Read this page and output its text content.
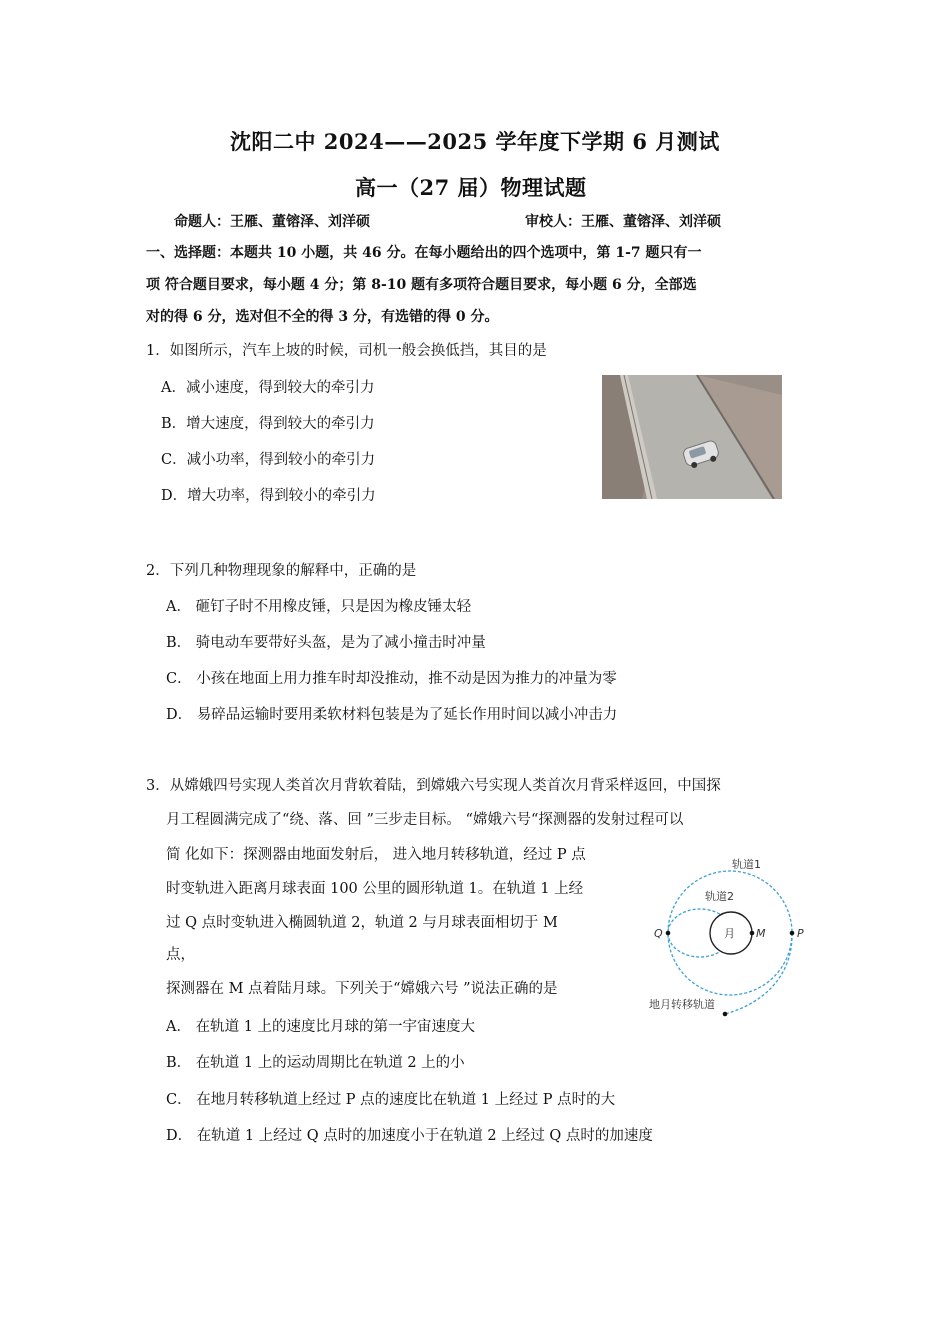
沈阳二中 2024——2025 学年度下学期 6 月测试
高一（27 届）物理试题
命题人：王雁、董镕泽、刘洋硕	审校人：王雁、董镕泽、刘洋硕
一、选择题：本题共 10 小题，共 46 分。在每小题给出的四个选项中，第 1-7 题只有一
项 符合题目要求，每小题 4 分；第 8-10 题有多项符合题目要求，每小题 6 分，全部选
对的得 6 分，选对但不全的得 3 分，有选错的得 0 分。
1．如图所示，汽车上坡的时候，司机一般会换低挡，其目的是
A．减小速度，得到较大的牵引力
B．增大速度，得到较大的牵引力
C．减小功率，得到较小的牵引力
D．增大功率，得到较小的牵引力
2．下列几种物理现象的解释中，正确的是
A． 砸钉子时不用橡皮锤，只是因为橡皮锤太轻
B． 骑电动车要带好头盔，是为了减小撞击时冲量
C． 小孩在地面上用力推车时却没推动，推不动是因为推力的冲量为零
D． 易碎品运输时要用柔软材料包装是为了延长作用时间以减小冲击力
3．从嫦娥四号实现人类首次月背软着陆，到嫦娥六号实现人类首次月背采样返回，中国探
月工程圆满完成了“绕、落、回 ”三步走目标。 “嫦娥六号“探测器的发射过程可以
简 化如下：探测器由地面发射后， 进入地月转移轨道，经过 P 点
时变轨进入距离月球表面 100 公里的圆形轨道 1。在轨道 1 上经
过 Q 点时变轨进入椭圆轨道 2，轨道 2 与月球表面相切于 M
点，
探测器在 M 点着陆月球。下列关于“嫦娥六号 ”说法正确的是
A． 在轨道 1 上的速度比月球的第一宇宙速度大
B． 在轨道 1 上的运动周期比在轨道 2 上的小
C． 在地月转移轨道上经过 P 点的速度比在轨道 1 上经过 P 点时的大
D． 在轨道 1 上经过 Q 点时的加速度小于在轨道 2 上经过 Q 点时的加速度
轨道1
轨道2
月
Q	M	P
地月转移轨道
